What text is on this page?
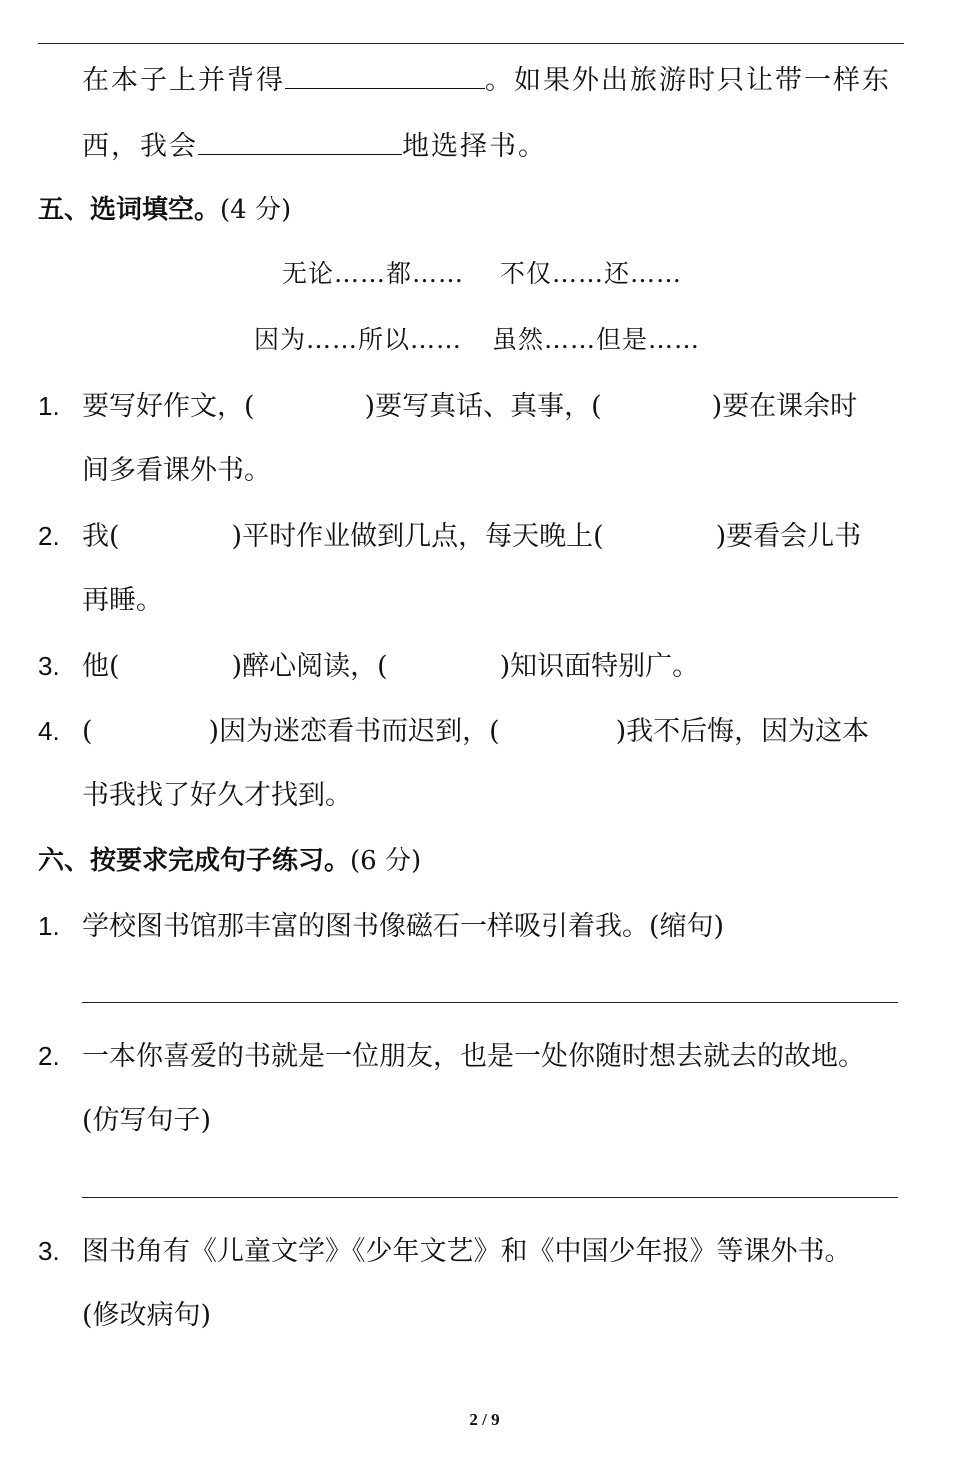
在本子上并背得	。如果外出旅游时只让带一样东
西，我会	地选择书。
五、选词填空。(4 分)
无论……都…… 不仅……还……
因为……所以…… 虽然……但是……
1. 要写好作文，(	)要写真话、真事，(	)要在课余时
间多看课外书。
2. 我(	)平时作业做到几点，每天晚上(	)要看会儿书
再睡。
3. 他(	)醉心阅读，(	)知识面特别广。
4. (	)因为迷恋看书而迟到，(	)我不后悔，因为这本
书我找了好久才找到。
六、按要求完成句子练习。(6 分)
1. 学校图书馆那丰富的图书像磁石一样吸引着我。(缩句)
2. 一本你喜爱的书就是一位朋友，也是一处你随时想去就去的故地。
(仿写句子)
3. 图书角有《儿童文学》《少年文艺》和《中国少年报》等课外书。
(修改病句)
2 / 9
